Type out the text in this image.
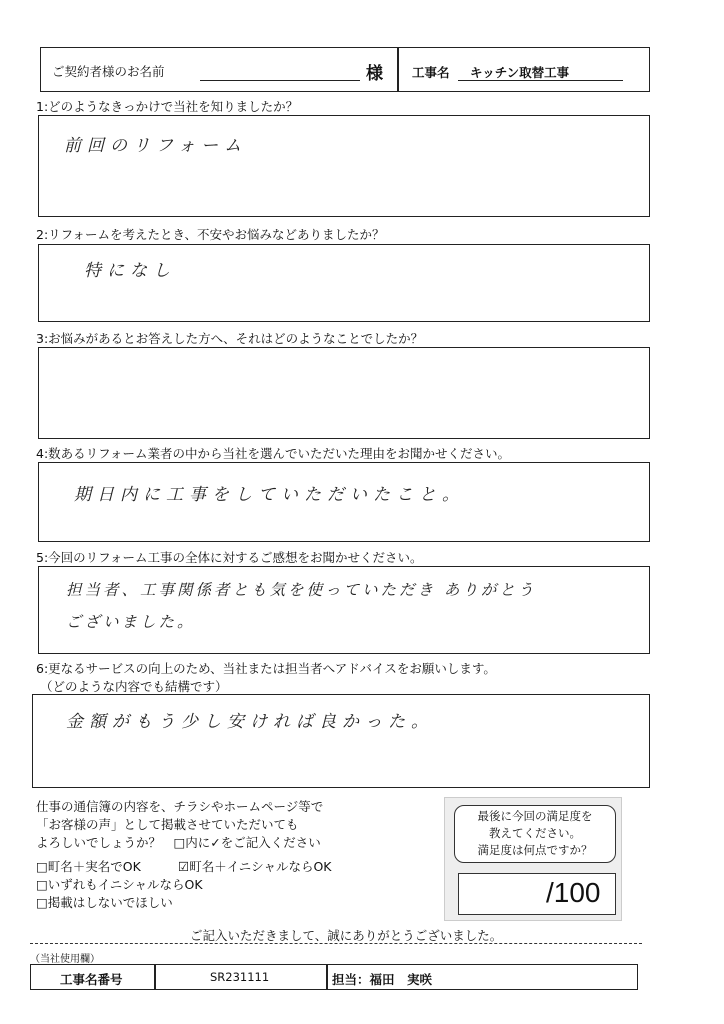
ご契約者様のお名前	様 工事名 キッチン取替工事
1:どのようなきっかけで当社を知りましたか？
前回のリフォーム
2:リフォームを考えたとき、不安やお悩みなどありましたか？
特になし
3:お悩みがあるとお答えした方へ、それはどのようなことでしたか？
4:数あるリフォーム業者の中から当社を選んでいただいた理由をお聞かせください。
期日内に工事をしていただいたこと。
5:今回のリフォーム工事の全体に対するご感想をお聞かせください。
担当者、工事関係者とも気を使っていただき ありがとう
ございました。
6:更なるサービスの向上のため、当社または担当者へアドバイスをお願いします。
（どのような内容でも結構です）
金額がもう少し安ければ良かった。
仕事の通信簿の内容を、チラシやホームページ等で
「お客様の声」として掲載させていただいても
よろしいでしょうか？　□内に✓をご記入ください
□町名＋実名でOK	☑町名＋イニシャルならOK
□いずれもイニシャルならOK
□掲載はしないでほしい
最後に今回の満足度を
教えてください。
満足度は何点ですか？
/100
ご記入いただきまして、誠にありがとうございました。
（当社使用欄）
工事名番号	SR231111	担当：福田　実咲
